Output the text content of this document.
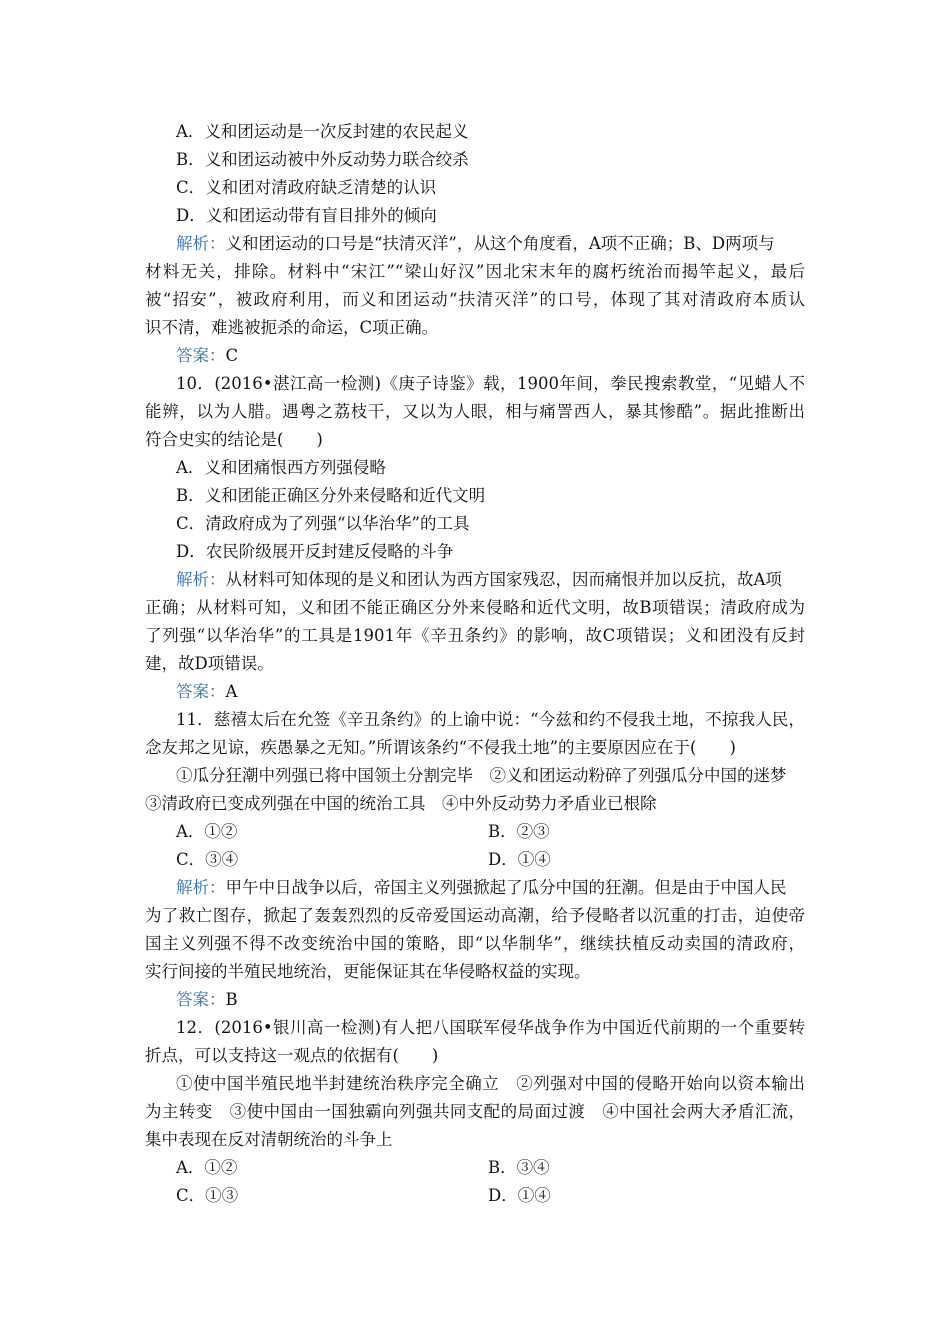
A．义和团运动是一次反封建的农民起义
B．义和团运动被中外反动势力联合绞杀
C．义和团对清政府缺乏清楚的认识
D．义和团运动带有盲目排外的倾向
解析：义和团运动的口号是“扶清灭洋”，从这个角度看，A项不正确；B、D两项与
材料无关，排除。材料中“宋江”“梁山好汉”因北宋末年的腐朽统治而揭竿起义，最后
被“招安”，被政府利用，而义和团运动“扶清灭洋”的口号，体现了其对清政府本质认
识不清，难逃被扼杀的命运，C项正确。
答案：C
10．(2016•湛江高一检测)《庚子诗鉴》载，1900年间，拳民搜索教堂，“见蜡人不
能辨，以为人腊。遇粤之荔枝干，又以为人眼，相与痛詈西人，暴其惨酷”。据此推断出
符合史实的结论是(　　)
A．义和团痛恨西方列强侵略
B．义和团能正确区分外来侵略和近代文明
C．清政府成为了列强“以华治华”的工具
D．农民阶级展开反封建反侵略的斗争
解析：从材料可知体现的是义和团认为西方国家残忍，因而痛恨并加以反抗，故A项
正确；从材料可知，义和团不能正确区分外来侵略和近代文明，故B项错误；清政府成为
了列强“以华治华”的工具是1901年《辛丑条约》的影响，故C项错误；义和团没有反封
建，故D项错误。
答案：A
11．慈禧太后在允签《辛丑条约》的上谕中说：“今兹和约不侵我土地，不掠我人民，
念友邦之见谅，疾愚暴之无知。”所谓该条约“不侵我土地”的主要原因应在于(　　)
①瓜分狂潮中列强已将中国领土分割完毕　②义和团运动粉碎了列强瓜分中国的迷梦
③清政府已变成列强在中国的统治工具　④中外反动势力矛盾业已根除
A．①②	B．②③
C．③④	D．①④
解析：甲午中日战争以后，帝国主义列强掀起了瓜分中国的狂潮。但是由于中国人民
为了救亡图存，掀起了轰轰烈烈的反帝爱国运动高潮，给予侵略者以沉重的打击，迫使帝
国主义列强不得不改变统治中国的策略，即“以华制华”，继续扶植反动卖国的清政府，
实行间接的半殖民地统治，更能保证其在华侵略权益的实现。
答案：B
12．(2016•银川高一检测)有人把八国联军侵华战争作为中国近代前期的一个重要转
折点，可以支持这一观点的依据有(　　)
①使中国半殖民地半封建统治秩序完全确立　②列强对中国的侵略开始向以资本输出
为主转变　③使中国由一国独霸向列强共同支配的局面过渡　④中国社会两大矛盾汇流，
集中表现在反对清朝统治的斗争上
A．①②	B．③④
C．①③	D．①④
